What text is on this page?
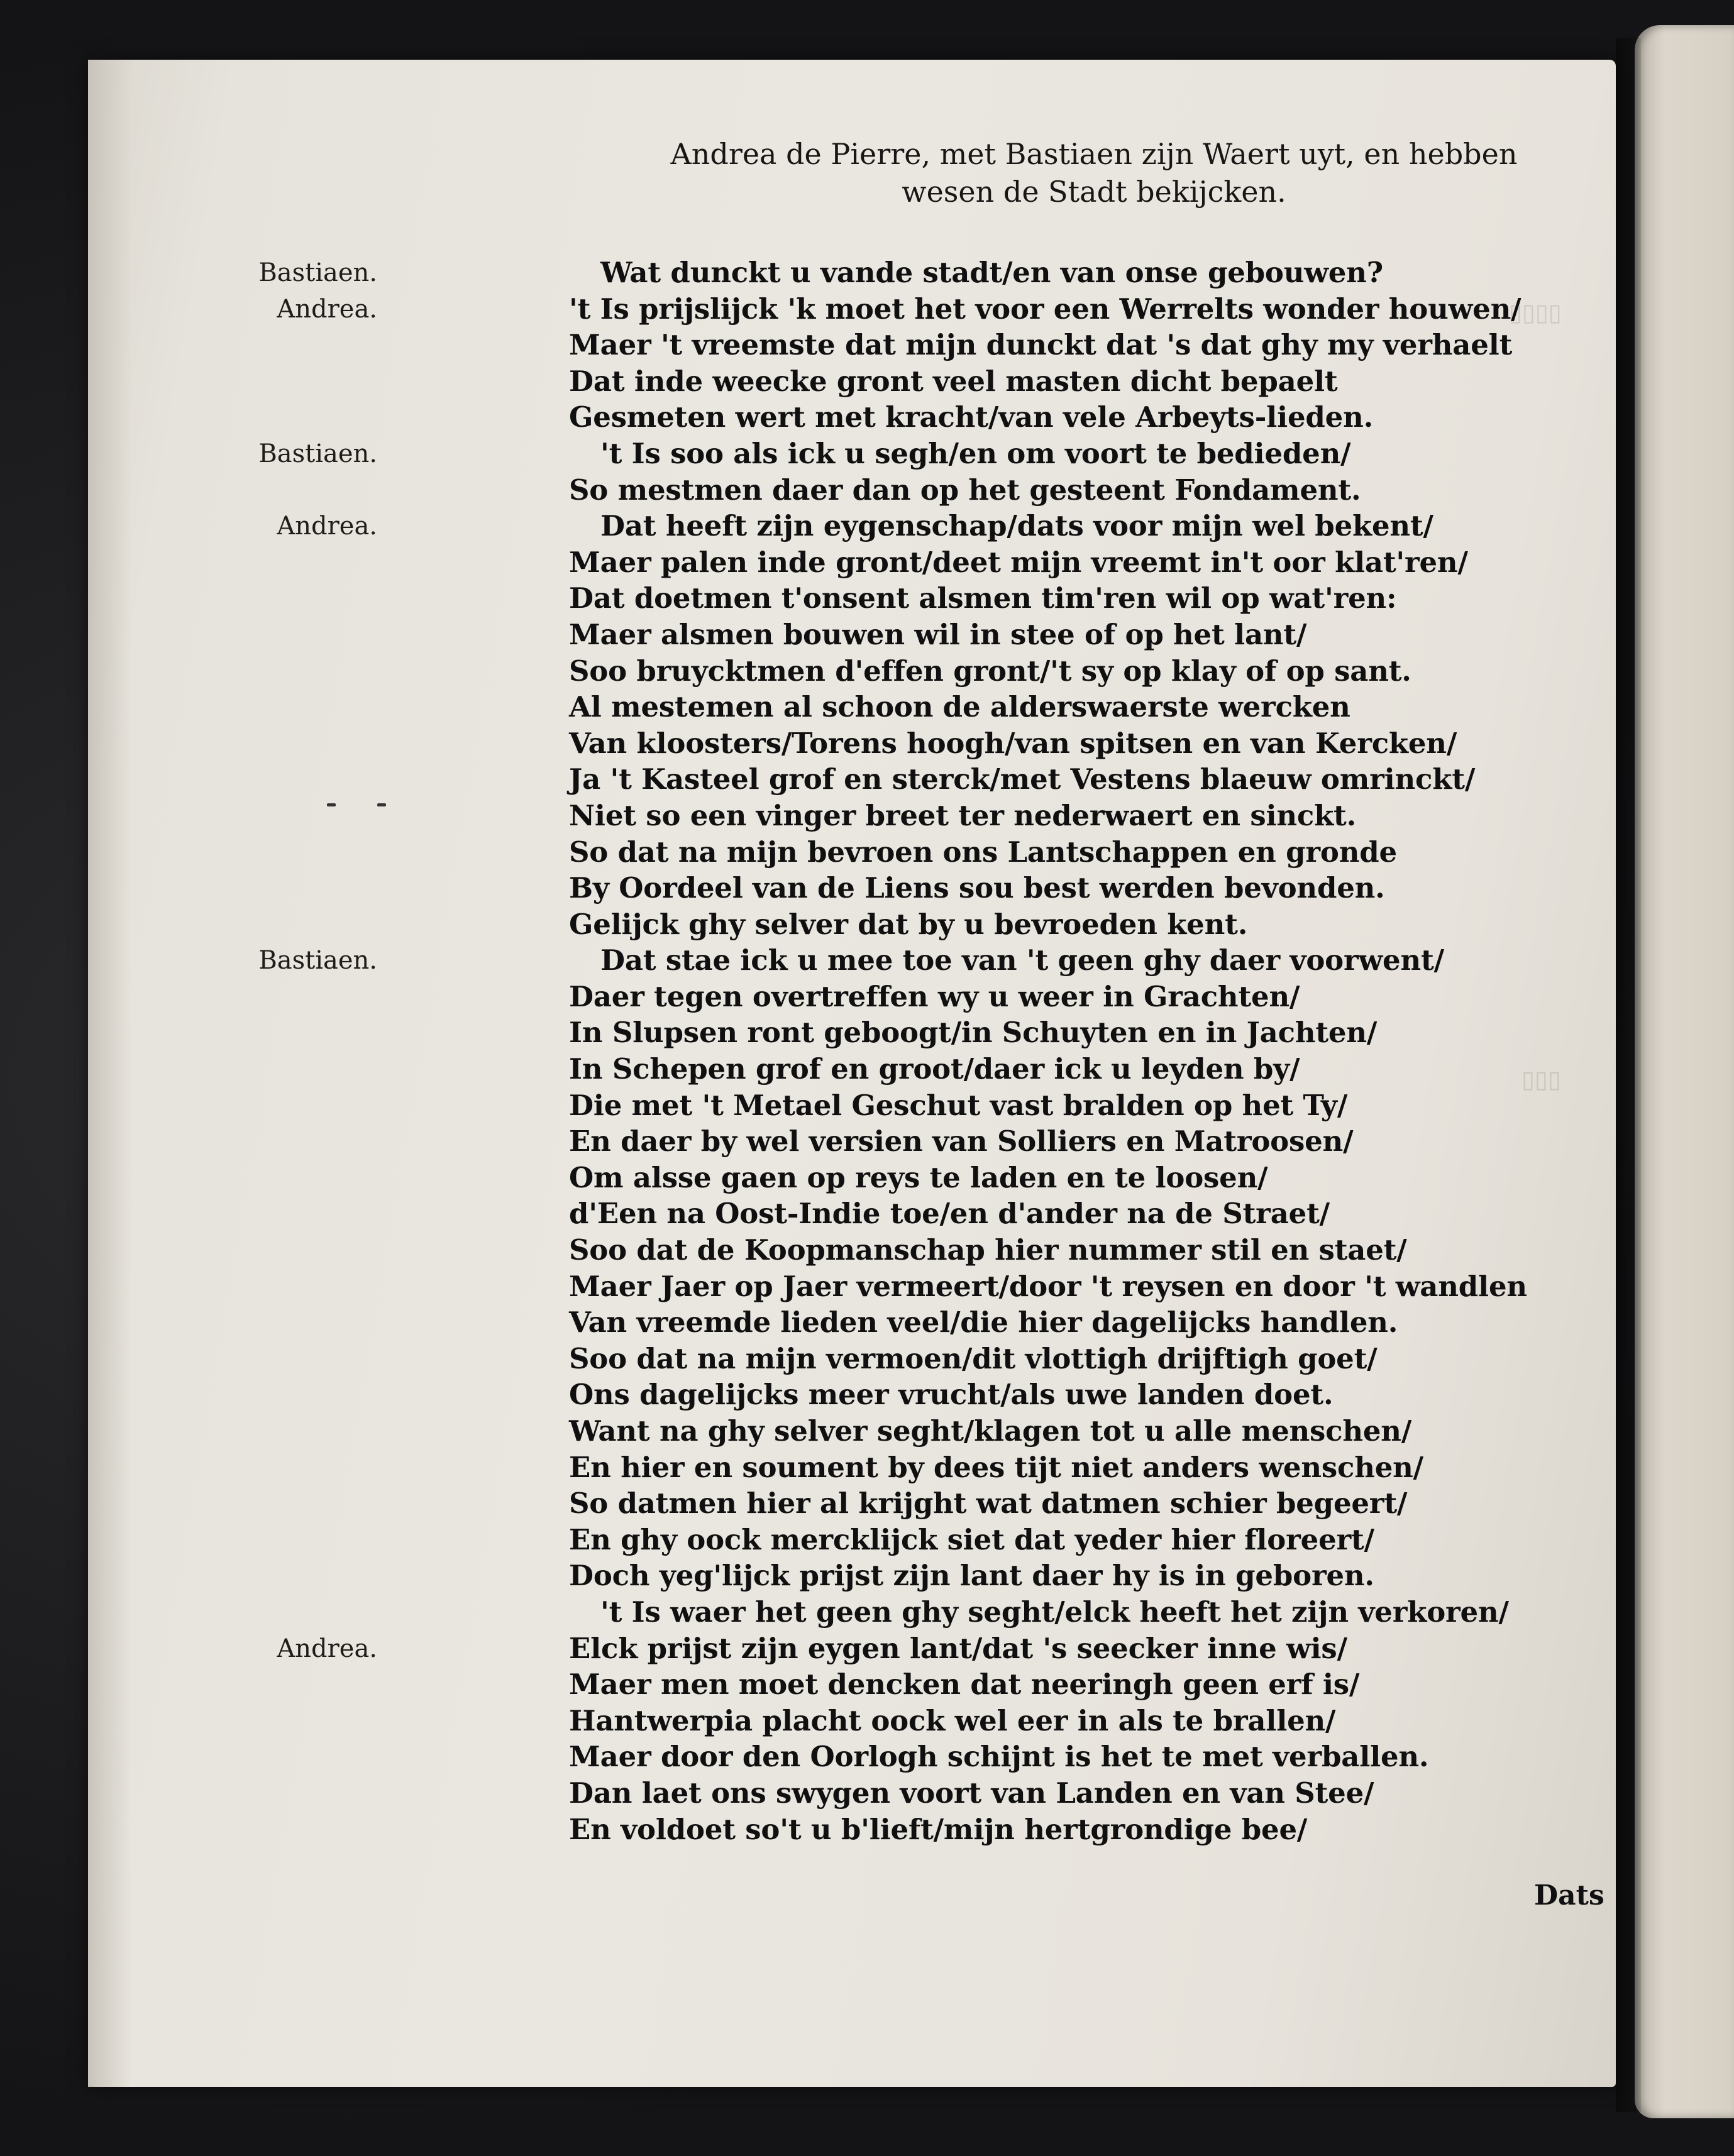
▯▯▯▯
▯▯▯
Andrea de Pierre, met Bastiaen zijn Waert uyt, en hebben
wesen de Stadt bekijcken.
Bastiaen.
Andrea.
Bastiaen.
Andrea.
Bastiaen.
Andrea.
Wat dunckt u vande stadt/en van onse gebouwen?
't Is prijslijck 'k moet het voor een Werrelts wonder houwen/
Maer 't vreemste dat mijn dunckt dat 's dat ghy my verhaelt
Dat inde weecke gront veel masten dicht bepaelt
Gesmeten wert met kracht/van vele Arbeyts-lieden.
't Is soo als ick u segh/en om voort te bedieden/
So mestmen daer dan op het gesteent Fondament.
Dat heeft zijn eygenschap/dats voor mijn wel bekent/
Maer palen inde gront/deet mijn vreemt in't oor klat'ren/
Dat doetmen t'onsent alsmen tim'ren wil op wat'ren:
Maer alsmen bouwen wil in stee of op het lant/
Soo bruycktmen d'effen gront/'t sy op klay of op sant.
Al mestemen al schoon de alderswaerste wercken
Van kloosters/Torens hoogh/van spitsen en van Kercken/
Ja 't Kasteel grof en sterck/met Vestens blaeuw omrinckt/
Niet so een vinger breet ter nederwaert en sinckt.
So dat na mijn bevroen ons Lantschappen en gronde
By Oordeel van de Liens sou best werden bevonden.
Gelijck ghy selver dat by u bevroeden kent.
Dat stae ick u mee toe van 't geen ghy daer voorwent/
Daer tegen overtreffen wy u weer in Grachten/
In Slupsen ront geboogt/in Schuyten en in Jachten/
In Schepen grof en groot/daer ick u leyden by/
Die met 't Metael Geschut vast bralden op het Ty/
En daer by wel versien van Solliers en Matroosen/
Om alsse gaen op reys te laden en te loosen/
d'Een na Oost-Indie toe/en d'ander na de Straet/
Soo dat de Koopmanschap hier nummer stil en staet/
Maer Jaer op Jaer vermeert/door 't reysen en door 't wandlen
Van vreemde lieden veel/die hier dagelijcks handlen.
Soo dat na mijn vermoen/dit vlottigh drijftigh goet/
Ons dagelijcks meer vrucht/als uwe landen doet.
Want na ghy selver seght/klagen tot u alle menschen/
En hier en soument by dees tijt niet anders wenschen/
So datmen hier al krijght wat datmen schier begeert/
En ghy oock mercklijck siet dat yeder hier floreert/
Doch yeg'lijck prijst zijn lant daer hy is in geboren.
't Is waer het geen ghy seght/elck heeft het zijn verkoren/
Elck prijst zijn eygen lant/dat 's seecker inne wis/
Maer men moet dencken dat neeringh geen erf is/
Hantwerpia placht oock wel eer in als te brallen/
Maer door den Oorlogh schijnt is het te met verballen.
Dan laet ons swygen voort van Landen en van Stee/
En voldoet so't u b'lieft/mijn hertgrondige bee/
Dats
